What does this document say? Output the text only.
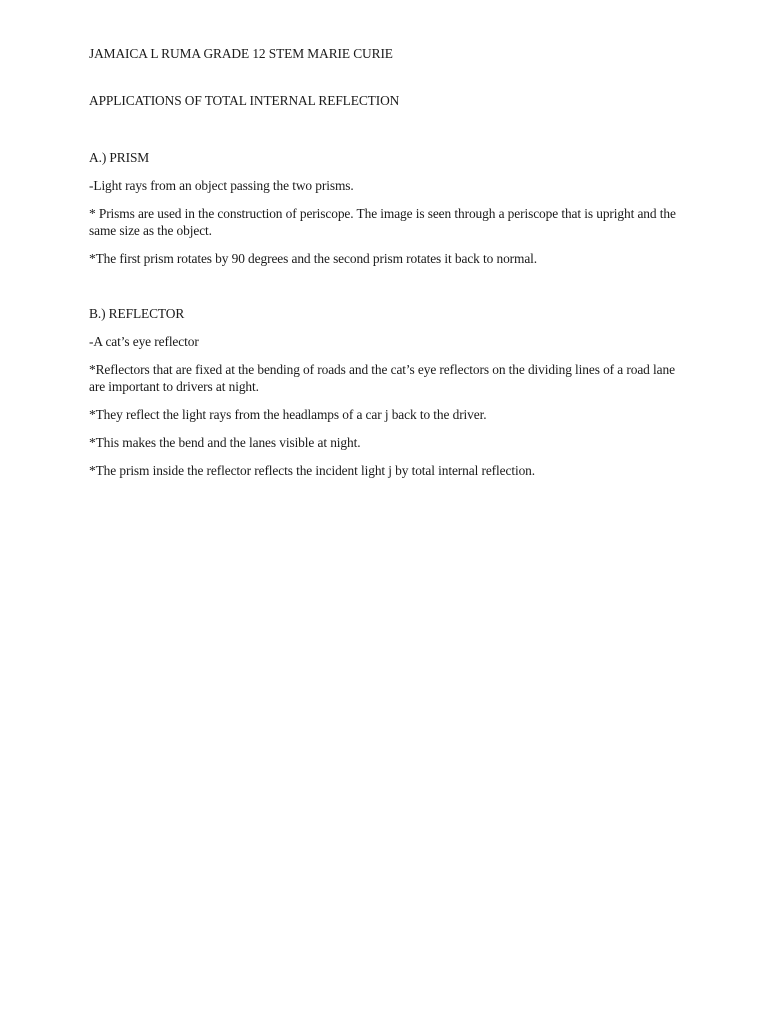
JAMAICA L RUMA GRADE 12 STEM MARIE CURIE

APPLICATIONS OF TOTAL INTERNAL REFLECTION

A.) PRISM

-Light rays from an object passing the two prisms.

* Prisms are used in the construction of periscope. The image is seen through a periscope that is upright and the same size as the object.

*The first prism rotates by 90 degrees and the second prism rotates it back to normal.

B.) REFLECTOR

-A cat’s eye reflector

*Reflectors that are fixed at the bending of roads and the cat’s eye reflectors on the dividing lines of a road lane are important to drivers at night.

*They reflect the light rays from the headlamps of a car j back to the driver.

*This makes the bend and the lanes visible at night.

*The prism inside the reflector reflects the incident light j by total internal reflection.
